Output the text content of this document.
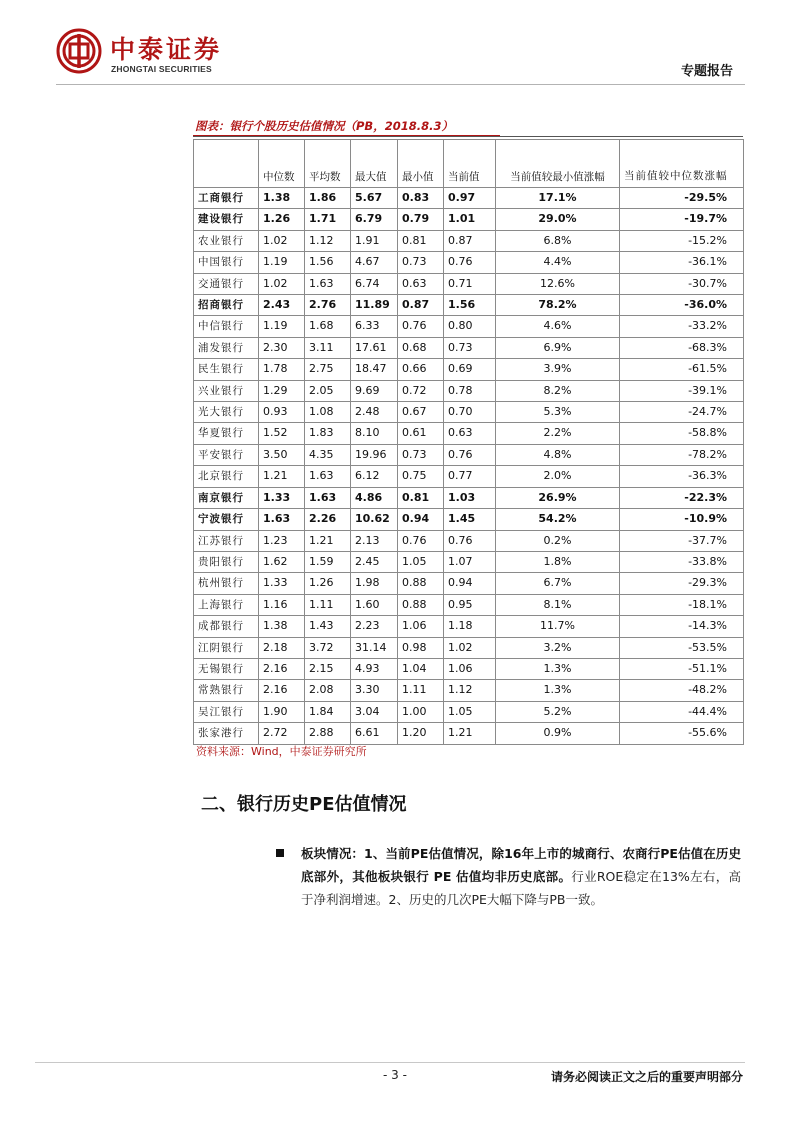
中泰证券
ZHONGTAI SECURITIES	专题报告
图表：银行个股历史估值情况（PB，2018.8.3）
	中位数	平均数	最大值	最小值	当前值	当前值较最小值涨幅	当前值较中位数涨幅
工商银行	1.38	1.86	5.67	0.83	0.97	17.1%	-29.5%
建设银行	1.26	1.71	6.79	0.79	1.01	29.0%	-19.7%
农业银行	1.02	1.12	1.91	0.81	0.87	6.8%	-15.2%
中国银行	1.19	1.56	4.67	0.73	0.76	4.4%	-36.1%
交通银行	1.02	1.63	6.74	0.63	0.71	12.6%	-30.7%
招商银行	2.43	2.76	11.89	0.87	1.56	78.2%	-36.0%
中信银行	1.19	1.68	6.33	0.76	0.80	4.6%	-33.2%
浦发银行	2.30	3.11	17.61	0.68	0.73	6.9%	-68.3%
民生银行	1.78	2.75	18.47	0.66	0.69	3.9%	-61.5%
兴业银行	1.29	2.05	9.69	0.72	0.78	8.2%	-39.1%
光大银行	0.93	1.08	2.48	0.67	0.70	5.3%	-24.7%
华夏银行	1.52	1.83	8.10	0.61	0.63	2.2%	-58.8%
平安银行	3.50	4.35	19.96	0.73	0.76	4.8%	-78.2%
北京银行	1.21	1.63	6.12	0.75	0.77	2.0%	-36.3%
南京银行	1.33	1.63	4.86	0.81	1.03	26.9%	-22.3%
宁波银行	1.63	2.26	10.62	0.94	1.45	54.2%	-10.9%
江苏银行	1.23	1.21	2.13	0.76	0.76	0.2%	-37.7%
贵阳银行	1.62	1.59	2.45	1.05	1.07	1.8%	-33.8%
杭州银行	1.33	1.26	1.98	0.88	0.94	6.7%	-29.3%
上海银行	1.16	1.11	1.60	0.88	0.95	8.1%	-18.1%
成都银行	1.38	1.43	2.23	1.06	1.18	11.7%	-14.3%
江阴银行	2.18	3.72	31.14	0.98	1.02	3.2%	-53.5%
无锡银行	2.16	2.15	4.93	1.04	1.06	1.3%	-51.1%
常熟银行	2.16	2.08	3.30	1.11	1.12	1.3%	-48.2%
吴江银行	1.90	1.84	3.04	1.00	1.05	5.2%	-44.4%
张家港行	2.72	2.88	6.61	1.20	1.21	0.9%	-55.6%
资料来源：Wind，中泰证券研究所
二、银行历史PE估值情况
板块情况：1、当前PE估值情况，除16年上市的城商行、农商行PE估值在历史底部外，其他板块银行 PE 估值均非历史底部。行业ROE稳定在13%左右，高于净利润增速。2、历史的几次PE大幅下降与PB一致。
- 3 -	请务必阅读正文之后的重要声明部分
